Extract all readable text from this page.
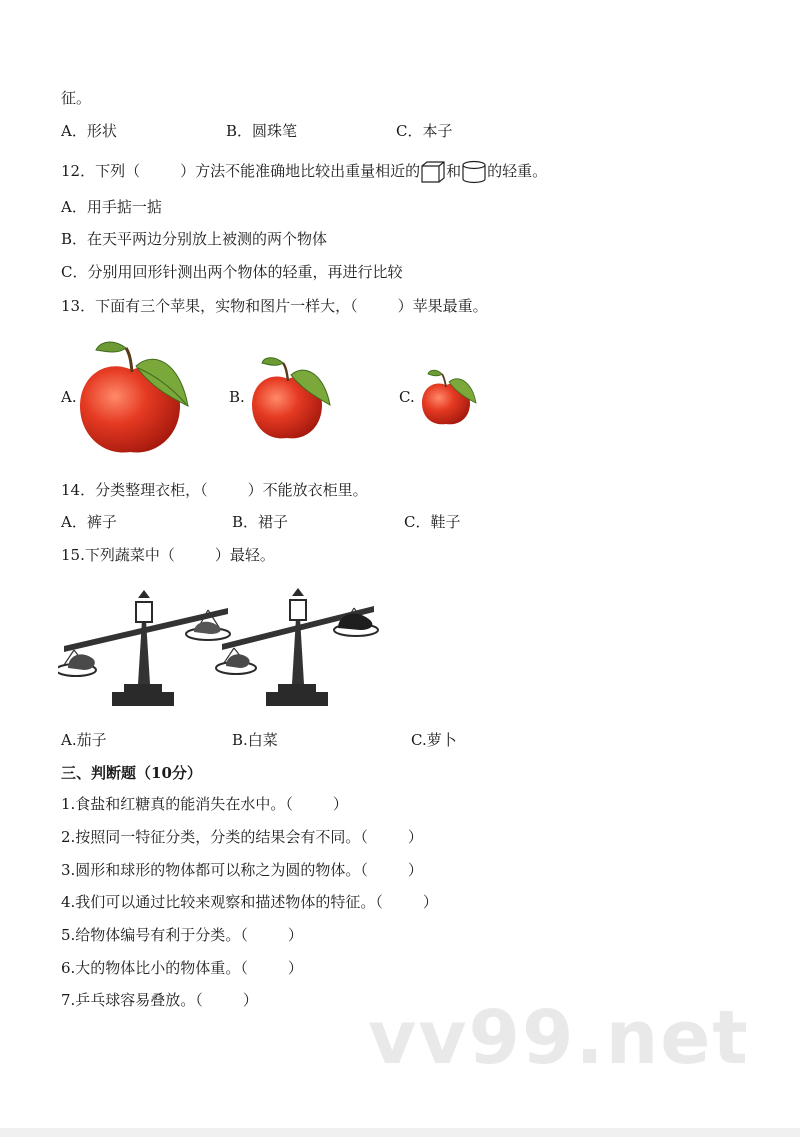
征。
A．形状	B．圆珠笔	C．本子
12．下列（	）方法不能准确地比较出重量相近的 和 的轻重。
A．用手掂一掂
B．在天平两边分别放上被测的两个物体
C．分别用回形针测出两个物体的轻重，再进行比较
13．下面有三个苹果，实物和图片一样大，（	）苹果最重。
A.	B.	C.
14．分类整理衣柜，（	）不能放衣柜里。
A．裤子	B．裙子	C．鞋子
15.下列蔬菜中（	）最轻。
A.茄子	B.白菜	C.萝卜
三、判断题（10分）
1.食盐和红糖真的能消失在水中。（	）
2.按照同一特征分类，分类的结果会有不同。（	）
3.圆形和球形的物体都可以称之为圆的物体。（	）
4.我们可以通过比较来观察和描述物体的特征。（	）
5.给物体编号有利于分类。（	）
6.大的物体比小的物体重。（	）
7.乒乓球容易叠放。（	） vv99.net
